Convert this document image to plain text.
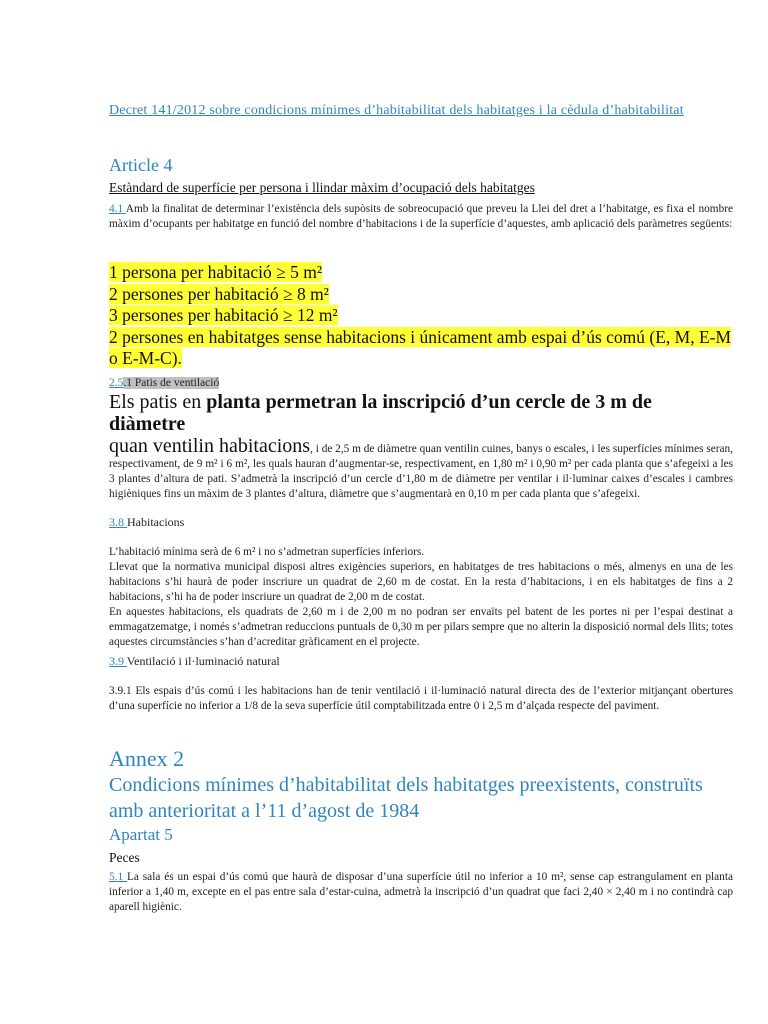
Decret 141/2012 sobre condicions mínimes d’habitabilitat dels habitatges i la cèdula d’habitabilitat
Article 4
Estàndard de superfície per persona i llindar màxim d’ocupació dels habitatges
4.1 Amb la finalitat de determinar l’existència dels supòsits de sobreocupació que preveu la Llei del dret a l’habitatge, es fixa el nombre màxim d’ocupants per habitatge en funció del nombre d’habitacions i de la superfície d’aquestes, amb aplicació dels paràmetres següents:
1 persona per habitació ≥ 5 m²
2 persones per habitació ≥ 8 m²
3 persones per habitació ≥ 12 m²
2 persones en habitatges sense habitacions i únicament amb espai d’ús comú (E, M, E-M o E-M-C).
2.5.1 Patis de ventilació
Els patis en planta permetran la inscripció d’un cercle de 3 m de diàmetre
quan ventilin habitacions, i de 2,5 m de diàmetre quan ventilin cuines, banys o escales, i les superfícies mínimes seran, respectivament, de 9 m² i 6 m², les quals hauran d’augmentar-se, respectivament, en 1,80 m² i 0,90 m² per cada planta que s’afegeixi a les 3 plantes d’altura de pati. S’admetrà la inscripció d’un cercle d’1,80 m de diàmetre per ventilar i il·luminar caixes d’escales i cambres higièniques fins un màxim de 3 plantes d’altura, diàmetre que s’augmentarà en 0,10 m per cada planta que s’afegeixi.
3.8 Habitacions
L’habitació mínima serà de 6 m² i no s’admetran superfícies inferiors.
Llevat que la normativa municipal disposi altres exigències superiors, en habitatges de tres habitacions o més, almenys en una de les habitacions s’hi haurà de poder inscriure un quadrat de 2,60 m de costat. En la resta d’habitacions, i en els habitatges de fins a 2 habitacions, s’hi ha de poder inscriure un quadrat de 2,00 m de costat.
En aquestes habitacions, els quadrats de 2,60 m i de 2,00 m no podran ser envaïts pel batent de les portes ni per l’espai destinat a emmagatzematge, i només s’admetran reduccions puntuals de 0,30 m per pilars sempre que no alterin la disposició normal dels llits; totes aquestes circumstàncies s’han d’acreditar gràficament en el projecte.
3.9 Ventilació i il·luminació natural
3.9.1 Els espais d’ús comú i les habitacions han de tenir ventilació i il·luminació natural directa des de l’exterior mitjançant obertures d’una superfície no inferior a 1/8 de la seva superfície útil comptabilitzada entre 0 i 2,5 m d’alçada respecte del paviment.
Annex 2
Condicions mínimes d’habitabilitat dels habitatges preexistents, construïts amb anterioritat a l’11 d’agost de 1984
Apartat 5
Peces
5.1 La sala és un espai d’ús comú que haurà de disposar d’una superfície útil no inferior a 10 m², sense cap estrangulament en planta inferior a 1,40 m, excepte en el pas entre sala d’estar-cuina, admetrà la inscripció d’un quadrat que faci 2,40 × 2,40 m i no contindrà cap aparell higiènic.
